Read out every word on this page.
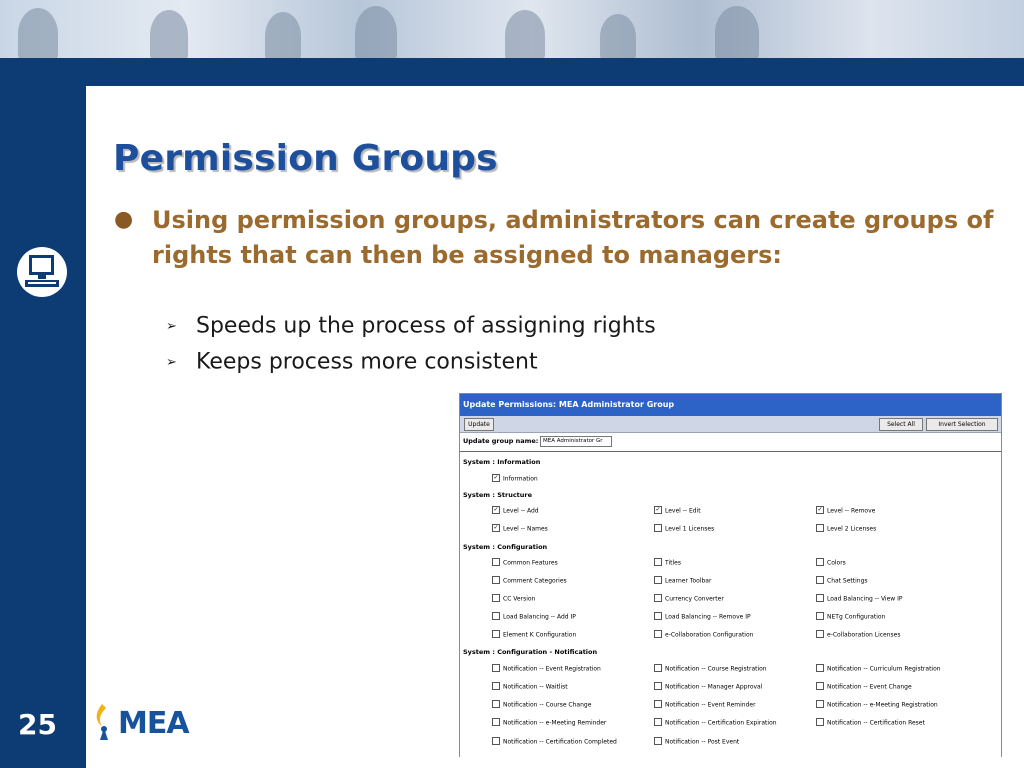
Permission Groups
● Using permission groups, administrators can create groups of rights that can then be assigned to managers:

➢ Speeds up the process of assigning rights
➢ Keeps process more consistent
25 MEA
Update Permissions: MEA Administrator Group
Update	Select All	Invert Selection
Update group name: MEA Administrator Gr
System : Information
System : Structure
System : Configuration
System : Configuration - Notification
✓ Information
✓ Level -- Add	✓ Level -- Edit	✓ Level -- Remove
✓ Level -- Names	Level 1 Licenses	Level 2 Licenses
Common Features	Titles	Colors
Comment Categories	Learner Toolbar	Chat Settings
CC Version	Currency Converter	Load Balancing -- View IP
Load Balancing -- Add IP	Load Balancing -- Remove IP	NETg Configuration
Element K Configuration	e-Collaboration Configuration	e-Collaboration Licenses
Notification -- Event Registration	Notification -- Course Registration	Notification -- Curriculum Registration
Notification -- Waitlist	Notification -- Manager Approval	Notification -- Event Change
Notification -- Course Change	Notification -- Event Reminder	Notification -- e-Meeting Registration
Notification -- e-Meeting Reminder	Notification -- Certification Expiration	Notification -- Certification Reset
Notification -- Certification Completed	Notification -- Post Event
